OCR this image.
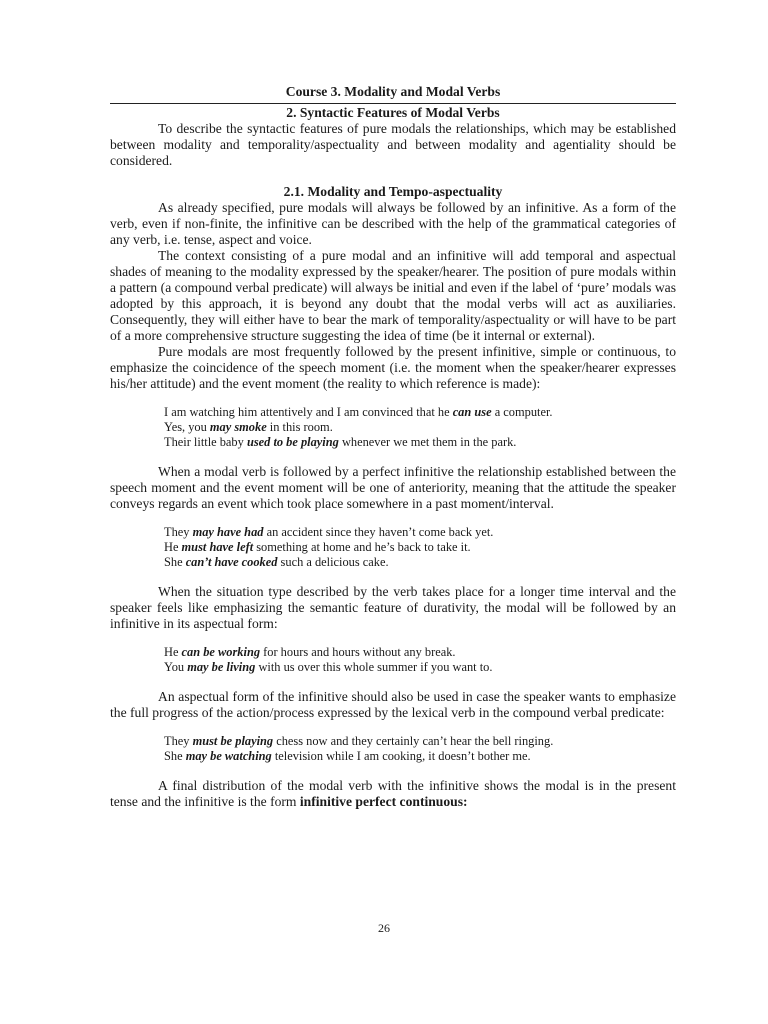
Course 3. Modality and Modal Verbs
2. Syntactic Features of Modal Verbs

To describe the syntactic features of pure modals the relationships, which may be established between modality and temporality/aspectuality and between modality and agentiality should be considered.

2.1. Modality and Tempo-aspectuality

As already specified, pure modals will always be followed by an infinitive. As a form of the verb, even if non-finite, the infinitive can be described with the help of the grammatical categories of any verb, i.e. tense, aspect and voice.

The context consisting of a pure modal and an infinitive will add temporal and aspectual shades of meaning to the modality expressed by the speaker/hearer. The position of pure modals within a pattern (a compound verbal predicate) will always be initial and even if the label of ‘pure’ modals was adopted by this approach, it is beyond any doubt that the modal verbs will act as auxiliaries. Consequently, they will either have to bear the mark of temporality/aspectuality or will have to be part of a more comprehensive structure suggesting the idea of time (be it internal or external).

Pure modals are most frequently followed by the present infinitive, simple or continuous, to emphasize the coincidence of the speech moment (i.e. the moment when the speaker/hearer expresses his/her attitude) and the event moment (the reality to which reference is made):

I am watching him attentively and I am convinced that he can use a computer.
Yes, you may smoke in this room.
Their little baby used to be playing whenever we met them in the park.

When a modal verb is followed by a perfect infinitive the relationship established between the speech moment and the event moment will be one of anteriority, meaning that the attitude the speaker conveys regards an event which took place somewhere in a past moment/interval.

They may have had an accident since they haven’t come back yet.
He must have left something at home and he’s back to take it.
She can’t have cooked such a delicious cake.

When the situation type described by the verb takes place for a longer time interval and the speaker feels like emphasizing the semantic feature of durativity, the modal will be followed by an infinitive in its aspectual form:

He can be working for hours and hours without any break.
You may be living with us over this whole summer if you want to.

An aspectual form of the infinitive should also be used in case the speaker wants to emphasize the full progress of the action/process expressed by the lexical verb in the compound verbal predicate:

They must be playing chess now and they certainly can’t hear the bell ringing.
She may be watching television while I am cooking, it doesn’t bother me.

A final distribution of the modal verb with the infinitive shows the modal is in the present tense and the infinitive is the form infinitive perfect continuous:

26
